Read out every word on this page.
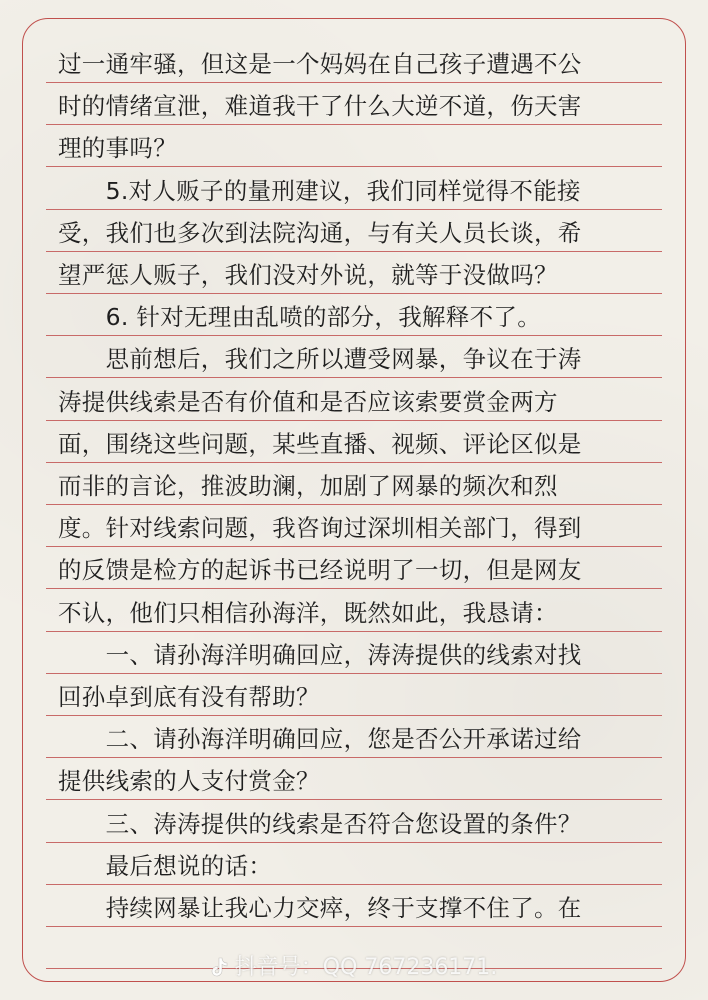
过一通牢骚，但这是一个妈妈在自己孩子遭遇不公
时的情绪宣泄，难道我干了什么大逆不道，伤天害
理的事吗？
　　5.对人贩子的量刑建议，我们同样觉得不能接
受，我们也多次到法院沟通，与有关人员长谈，希
望严惩人贩子，我们没对外说，就等于没做吗？
　　6. 针对无理由乱喷的部分，我解释不了。
　　思前想后，我们之所以遭受网暴，争议在于涛
涛提供线索是否有价值和是否应该索要赏金两方
面，围绕这些问题，某些直播、视频、评论区似是
而非的言论，推波助澜，加剧了网暴的频次和烈
度。针对线索问题，我咨询过深圳相关部门，得到
的反馈是检方的起诉书已经说明了一切，但是网友
不认，他们只相信孙海洋，既然如此，我恳请：
　　一、请孙海洋明确回应，涛涛提供的线索对找
回孙卓到底有没有帮助？
　　二、请孙海洋明确回应，您是否公开承诺过给
提供线索的人支付赏金？
　　三、涛涛提供的线索是否符合您设置的条件？
　　最后想说的话：
　　持续网暴让我心力交瘁，终于支撑不住了。在
抖音号：QQ 767236171.
